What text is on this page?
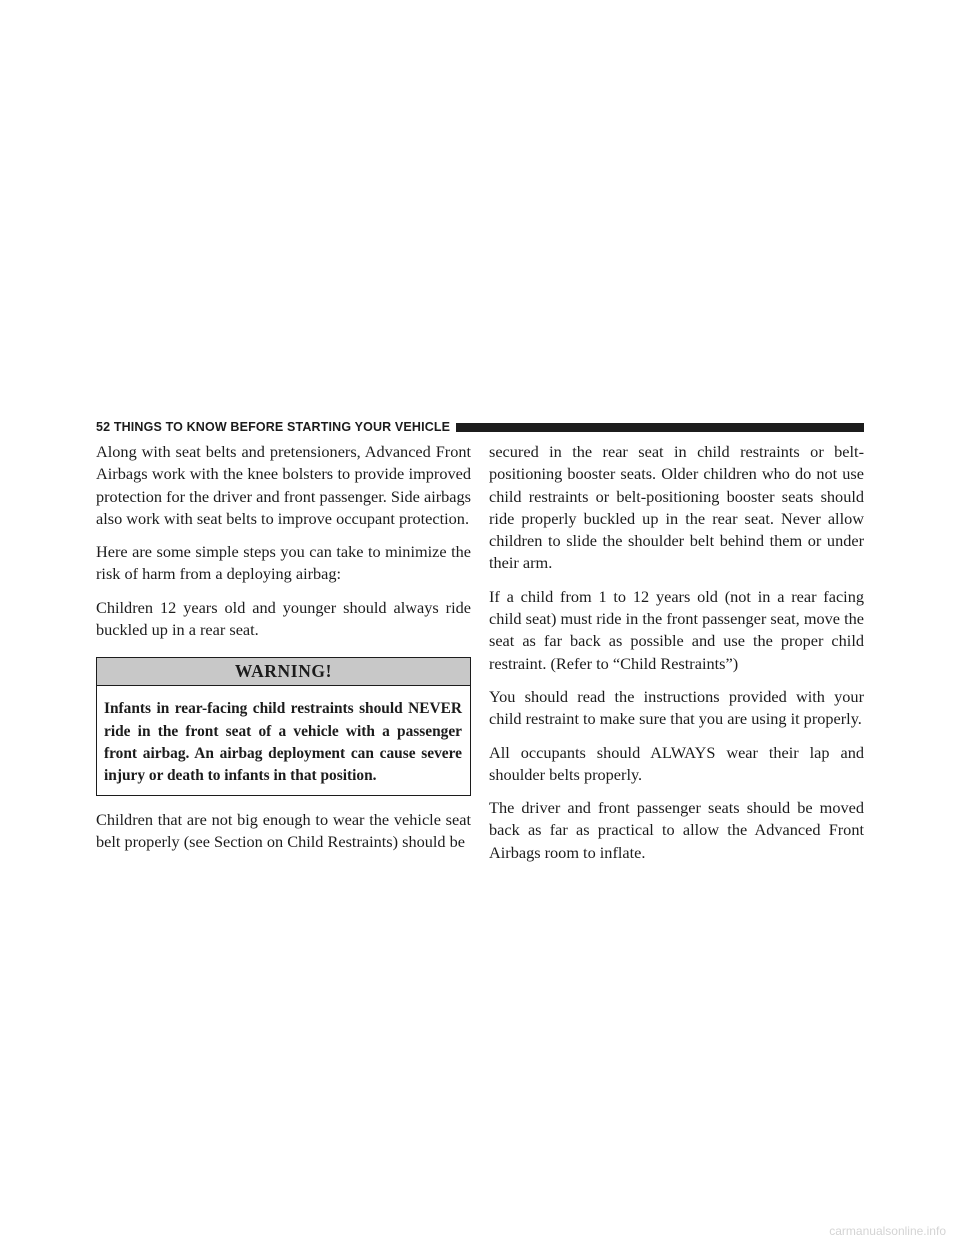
52 THINGS TO KNOW BEFORE STARTING YOUR VEHICLE

Along with seat belts and pretensioners, Advanced Front Airbags work with the knee bolsters to provide improved protection for the driver and front passenger. Side airbags also work with seat belts to improve occupant protection.

Here are some simple steps you can take to minimize the risk of harm from a deploying airbag:

Children 12 years old and younger should always ride buckled up in a rear seat.

WARNING!
Infants in rear-facing child restraints should NEVER ride in the front seat of a vehicle with a passenger front airbag. An airbag deployment can cause severe injury or death to infants in that position.

Children that are not big enough to wear the vehicle seat belt properly (see Section on Child Restraints) should be

secured in the rear seat in child restraints or belt-positioning booster seats. Older children who do not use child restraints or belt-positioning booster seats should ride properly buckled up in the rear seat. Never allow children to slide the shoulder belt behind them or under their arm.

If a child from 1 to 12 years old (not in a rear facing child seat) must ride in the front passenger seat, move the seat as far back as possible and use the proper child restraint. (Refer to “Child Restraints”)

You should read the instructions provided with your child restraint to make sure that you are using it properly.

All occupants should ALWAYS wear their lap and shoulder belts properly.

The driver and front passenger seats should be moved back as far as practical to allow the Advanced Front Airbags room to inflate.

carmanualsonline.info
